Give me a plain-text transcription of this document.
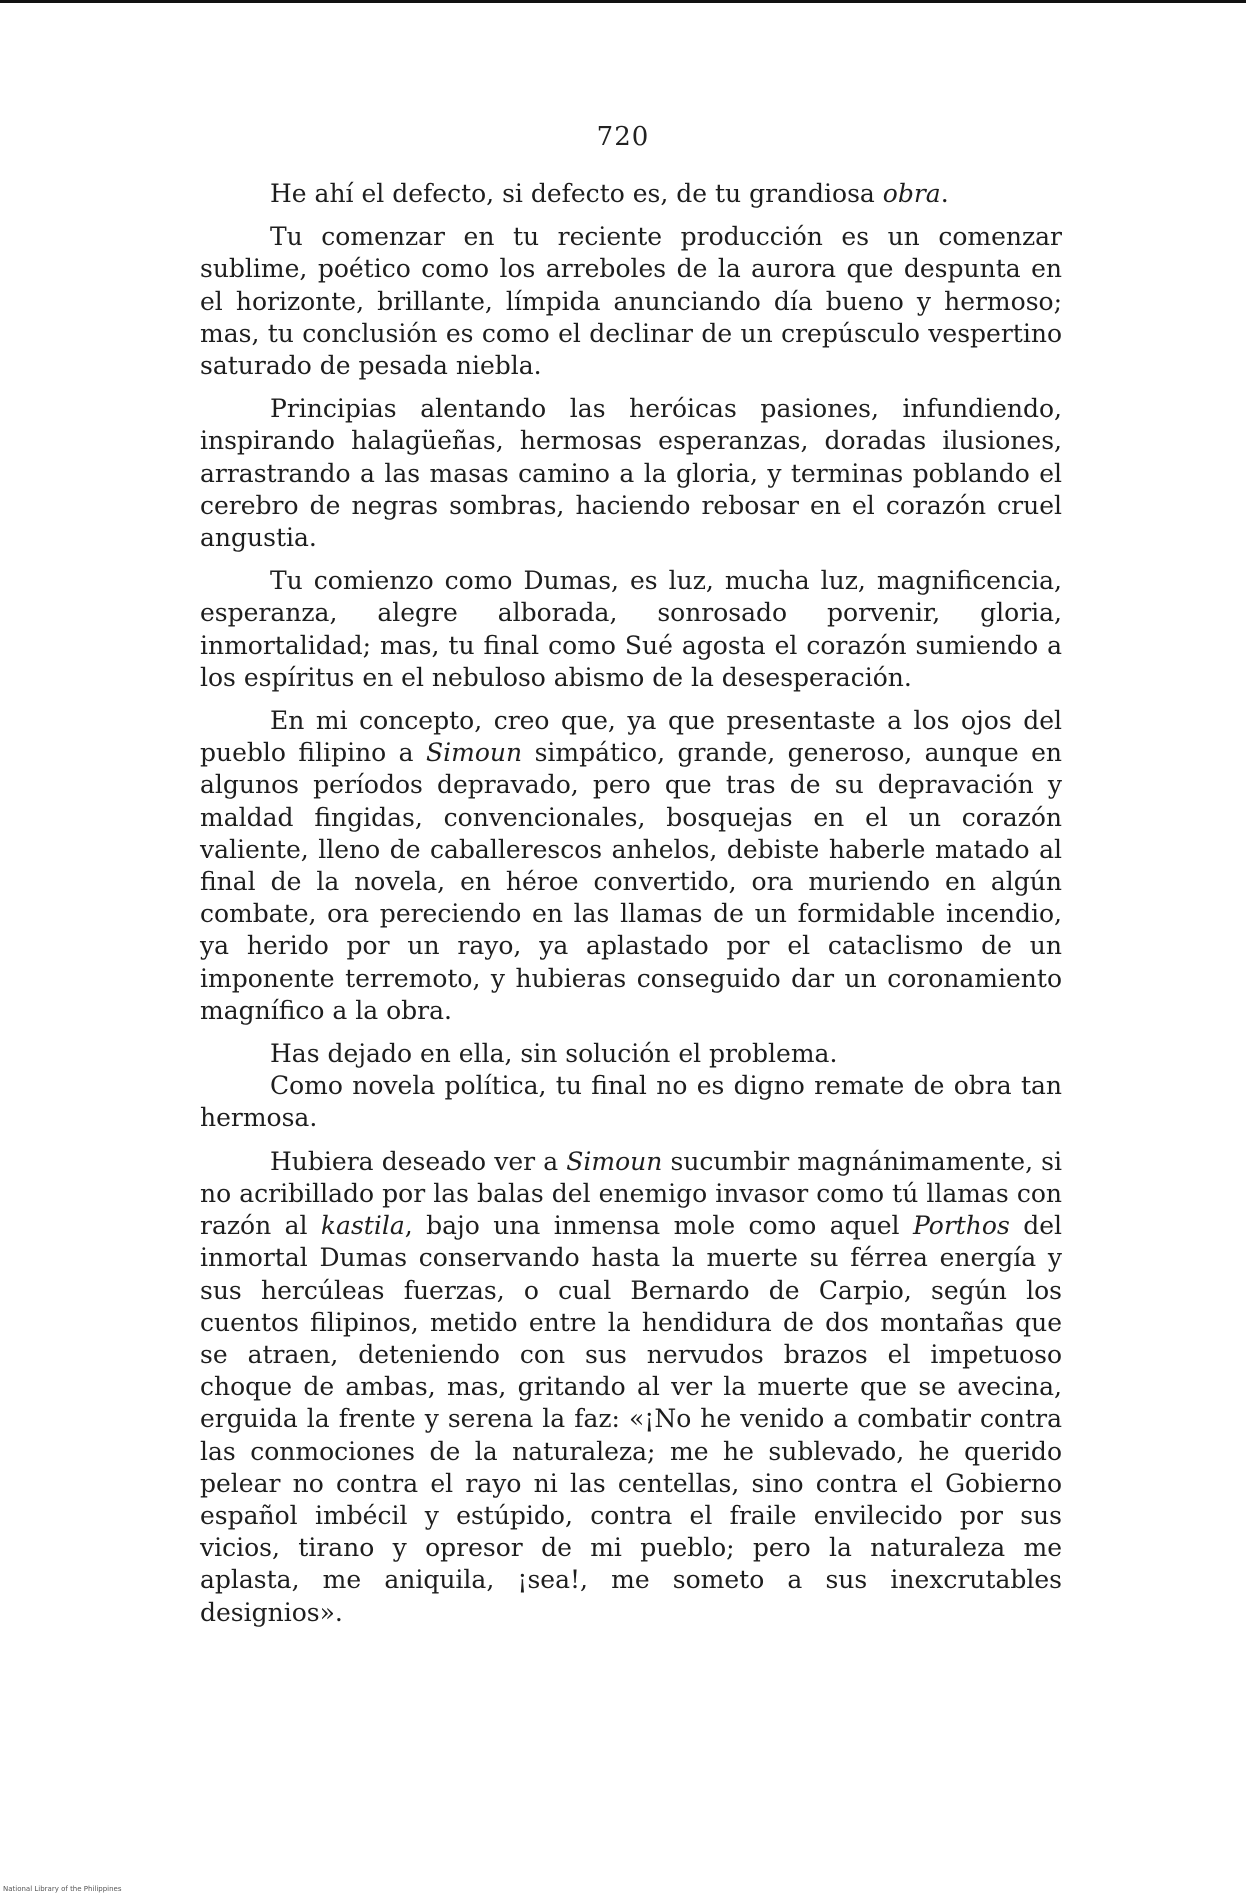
720

He ahí el defecto, si defecto es, de tu grandiosa obra.

Tu comenzar en tu reciente producción es un comenzar sublime, poético como los arreboles de la aurora que despunta en el horizonte, brillante, límpida anunciando día bueno y hermoso; mas, tu conclusión es como el declinar de un crepúsculo vespertino saturado de pesada niebla.

Principias alentando las heróicas pasiones, infundiendo, inspirando halagüeñas, hermosas esperanzas, doradas ilusiones, arrastrando a las masas camino a la gloria, y terminas poblando el cerebro de negras sombras, haciendo rebosar en el corazón cruel angustia.

Tu comienzo como Dumas, es luz, mucha luz, magnificencia, esperanza, alegre alborada, sonrosado porvenir, gloria, inmortalidad; mas, tu final como Sué agosta el corazón sumiendo a los espíritus en el nebuloso abismo de la desesperación.

En mi concepto, creo que, ya que presentaste a los ojos del pueblo filipino a Simoun simpático, grande, generoso, aunque en algunos períodos depravado, pero que tras de su depravación y maldad fingidas, convencionales, bosquejas en el un corazón valiente, lleno de caballerescos anhelos, debiste haberle matado al final de la novela, en héroe convertido, ora muriendo en algún combate, ora pereciendo en las llamas de un formidable incendio, ya herido por un rayo, ya aplastado por el cataclismo de un imponente terremoto, y hubieras conseguido dar un coronamiento magnífico a la obra.

Has dejado en ella, sin solución el problema.

Como novela política, tu final no es digno remate de obra tan hermosa.

Hubiera deseado ver a Simoun sucumbir magnánimamente, si no acribillado por las balas del enemigo invasor como tú llamas con razón al kastila, bajo una inmensa mole como aquel Porthos del inmortal Dumas conservando hasta la muerte su férrea energía y sus hercúleas fuerzas, o cual Bernardo de Carpio, según los cuentos filipinos, metido entre la hendidura de dos montañas que se atraen, deteniendo con sus nervudos brazos el impetuoso choque de ambas, mas, gritando al ver la muerte que se avecina, erguida la frente y serena la faz: «¡No he venido a combatir contra las conmociones de la naturaleza; me he sublevado, he querido pelear no contra el rayo ni las centellas, sino contra el Gobierno español imbécil y estúpido, contra el fraile envilecido por sus vicios, tirano y opresor de mi pueblo; pero la naturaleza me aplasta, me aniquila, ¡sea!, me someto a sus inexcrutables designios».

National Library of the Philippines
